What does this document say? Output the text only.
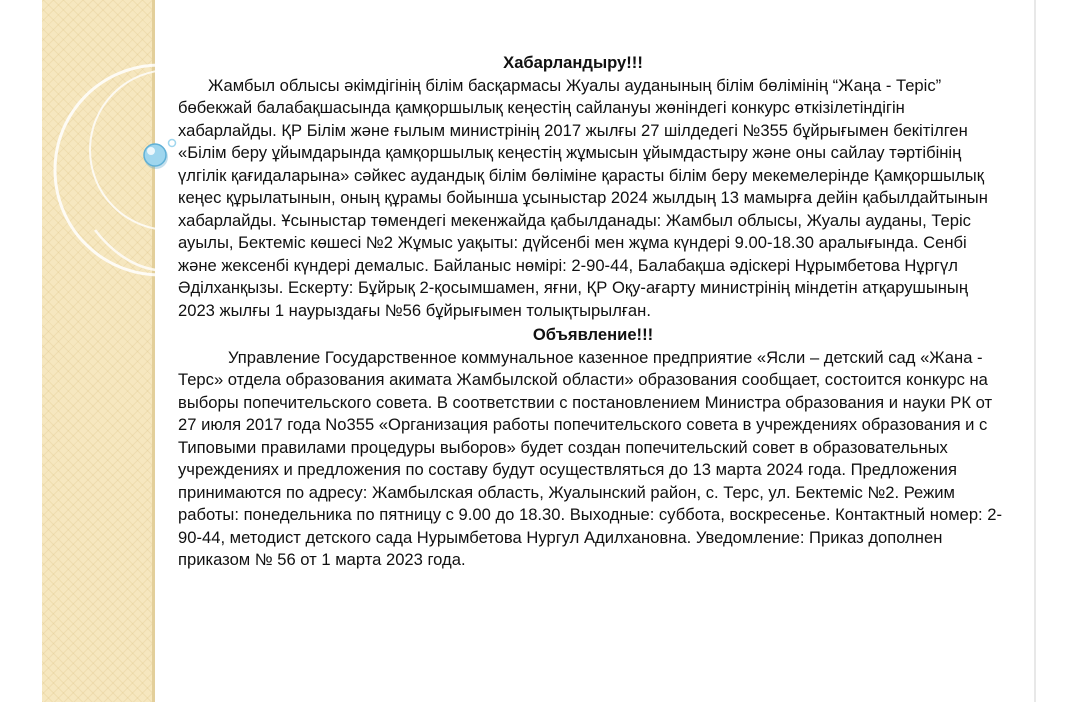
Хабарландыру!!!

Жамбыл облысы әкімдігінің білім басқармасы Жуалы ауданының білім бөлімінің “Жаңа - Теріс” бөбекжай балабақшасында қамқоршылық кеңестің сайлануы жөніндегі конкурс өткізілетіндігін хабарлайды. ҚР Білім және ғылым министрінің 2017 жылғы 27 шілдедегі №355 бұйрығымен бекітілген «Білім беру ұйымдарында қамқоршылық кеңестің жұмысын ұйымдастыру және оны сайлау тәртібінің үлгілік қағидаларына» сәйкес аудандық білім бөліміне қарасты білім беру мекемелерінде Қамқоршылық кеңес құрылатынын, оның құрамы бойынша ұсыныстар 2024 жылдың 13 мамырға дейін қабылдайтынын хабарлайды. Ұсыныстар төмендегі мекенжайда қабылданады: Жамбыл облысы, Жуалы ауданы, Теріс ауылы, Бектеміс көшесі №2 Жұмыс уақыты: дүйсенбі мен жұма күндері 9.00-18.30 аралығында. Сенбі және жексенбі күндері демалыс. Байланыс нөмірі: 2-90-44, Балабақша әдіскері Нұрымбетова Нұргүл Әділханқызы. Ескерту: Бұйрық 2-қосымшамен, яғни, ҚР Оқу-ағарту министрінің міндетін атқарушының 2023 жылғы 1 наурыздағы №56 бұйрығымен толықтырылған.

Объявление!!!

Управление Государственное коммунальное казенное предприятие «Ясли – детский сад «Жана - Терс» отдела образования акимата Жамбылской области» образования сообщает, состоится конкурс на выборы попечительского совета. В соответствии с постановлением Министра образования и науки РК от 27 июля 2017 года No355 «Организация работы попечительского совета в учреждениях образования и с Типовыми правилами процедуры выборов» будет создан попечительский совет в образовательных учреждениях и предложения по составу будут осуществляться до 13 марта 2024 года. Предложения принимаются по адресу: Жамбылская область, Жуалынский район, с. Терс, ул. Бектеміс №2. Режим работы: понедельника по пятницу с 9.00 до 18.30. Выходные: суббота, воскресенье. Контактный номер: 2-90-44, методист детского сада Нурымбетова Нургул Адилхановна. Уведомление: Приказ дополнен приказом № 56 от 1 марта 2023 года.
